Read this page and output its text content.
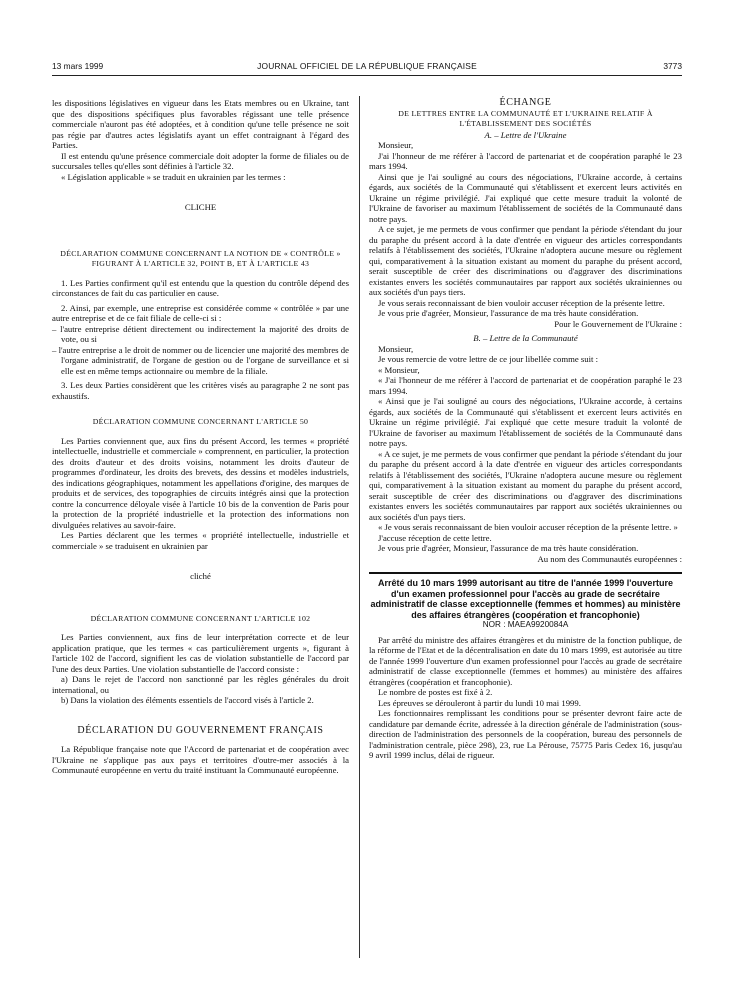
13 mars 1999	JOURNAL OFFICIEL DE LA RÉPUBLIQUE FRANÇAISE	3773

les dispositions législatives en vigueur dans les Etats membres ou en Ukraine, tant que des dispositions spécifiques plus favorables régissant une telle présence commerciale n'auront pas été adoptées, et à condition qu'une telle présence ne soit pas régie par d'autres actes législatifs ayant un effet contraignant à l'égard des Parties.

Il est entendu qu'une présence commerciale doit adopter la forme de filiales ou de succursales telles qu'elles sont définies à l'article 32.

« Législation applicable » se traduit en ukrainien par les termes :

CLICHE

DÉCLARATION COMMUNE CONCERNANT LA NOTION DE « CONTRÔLE » FIGURANT À L'ARTICLE 32, POINT B, ET À L'ARTICLE 43

1. Les Parties confirment qu'il est entendu que la question du contrôle dépend des circonstances de fait du cas particulier en cause.

2. Ainsi, par exemple, une entreprise est considérée comme « contrôlée » par une autre entreprise et de ce fait filiale de celle-ci si :

– l'autre entreprise détient directement ou indirectement la majorité des droits de vote, ou si

– l'autre entreprise a le droit de nommer ou de licencier une majorité des membres de l'organe administratif, de l'organe de gestion ou de l'organe de surveillance et si elle est en même temps actionnaire ou membre de la filiale.

3. Les deux Parties considèrent que les critères visés au paragraphe 2 ne sont pas exhaustifs.

DÉCLARATION COMMUNE CONCERNANT L'ARTICLE 50

Les Parties conviennent que, aux fins du présent Accord, les termes « propriété intellectuelle, industrielle et commerciale » comprennent, en particulier, la protection des droits d'auteur et des droits voisins, notamment les droits d'auteur de programmes d'ordinateur, les droits des brevets, des dessins et modèles industriels, des indications géographiques, notamment les appellations d'origine, des marques de produits et de services, des topographies de circuits intégrés ainsi que la protection contre la concurrence déloyale visée à l'article 10 bis de la convention de Paris pour la protection de la propriété industrielle et la protection des informations non divulguées relatives au savoir-faire.

Les Parties déclarent que les termes « propriété intellectuelle, industrielle et commerciale » se traduisent en ukrainien par

cliché

DÉCLARATION COMMUNE CONCERNANT L'ARTICLE 102

Les Parties conviennent, aux fins de leur interprétation correcte et de leur application pratique, que les termes « cas particulièrement urgents », figurant à l'article 102 de l'accord, signifient les cas de violation substantielle de l'accord par l'une des deux Parties. Une violation substantielle de l'accord consiste :

a) Dans le rejet de l'accord non sanctionné par les règles générales du droit international, ou

b) Dans la violation des éléments essentiels de l'accord visés à l'article 2.

DÉCLARATION DU GOUVERNEMENT FRANÇAIS

La République française note que l'Accord de partenariat et de coopération avec l'Ukraine ne s'applique pas aux pays et territoires d'outre-mer associés à la Communauté européenne en vertu du traité instituant la Communauté européenne.

ÉCHANGE

DE LETTRES ENTRE LA COMMUNAUTÉ ET L'UKRAINE RELATIF À L'ÉTABLISSEMENT DES SOCIÉTÉS

A. – Lettre de l'Ukraine

Monsieur,

J'ai l'honneur de me référer à l'accord de partenariat et de coopération paraphé le 23 mars 1994.

Ainsi que je l'ai souligné au cours des négociations, l'Ukraine accorde, à certains égards, aux sociétés de la Communauté qui s'établissent et exercent leurs activités en Ukraine un régime privilégié. J'ai expliqué que cette mesure traduit la volonté de l'Ukraine de favoriser au maximum l'établissement de sociétés de la Communauté dans notre pays.

A ce sujet, je me permets de vous confirmer que pendant la période s'étendant du jour du paraphe du présent accord à la date d'entrée en vigueur des articles correspondants relatifs à l'établissement des sociétés, l'Ukraine n'adoptera aucune mesure ou règlement qui, comparativement à la situation existant au moment du paraphe du présent accord, serait susceptible de créer des discriminations ou d'aggraver des discriminations existantes envers les sociétés communautaires par rapport aux sociétés ukrainiennes ou aux sociétés d'un pays tiers.

Je vous serais reconnaissant de bien vouloir accuser réception de la présente lettre.

Je vous prie d'agréer, Monsieur, l'assurance de ma très haute considération.

Pour le Gouvernement de l'Ukraine :

B. – Lettre de la Communauté

Monsieur,

Je vous remercie de votre lettre de ce jour libellée comme suit :

« Monsieur,

« J'ai l'honneur de me référer à l'accord de partenariat et de coopération paraphé le 23 mars 1994.

« Ainsi que je l'ai souligné au cours des négociations, l'Ukraine accorde, à certains égards, aux sociétés de la Communauté qui s'établissent et exercent leurs activités en Ukraine un régime privilégié. J'ai expliqué que cette mesure traduit la volonté de l'Ukraine de favoriser au maximum l'établissement de sociétés de la Communauté dans notre pays.

« A ce sujet, je me permets de vous confirmer que pendant la période s'étendant du jour du paraphe du présent accord à la date d'entrée en vigueur des articles correspondants relatifs à l'établissement des sociétés, l'Ukraine n'adoptera aucune mesure ou règlement qui, comparativement à la situation existant au moment du paraphe du présent accord, serait susceptible de créer des discriminations ou d'aggraver des discriminations existantes envers les sociétés communautaires par rapport aux sociétés ukrainiennes ou aux sociétés d'un pays tiers.

« Je vous serais reconnaissant de bien vouloir accuser réception de la présente lettre. »

J'accuse réception de cette lettre.

Je vous prie d'agréer, Monsieur, l'assurance de ma très haute considération.

Au nom des Communautés européennes :

Arrêté du 10 mars 1999 autorisant au titre de l'année 1999 l'ouverture d'un examen professionnel pour l'accès au grade de secrétaire administratif de classe exceptionnelle (femmes et hommes) au ministère des affaires étrangères (coopération et francophonie)

NOR : MAEA9920084A

Par arrêté du ministre des affaires étrangères et du ministre de la fonction publique, de la réforme de l'Etat et de la décentralisation en date du 10 mars 1999, est autorisée au titre de l'année 1999 l'ouverture d'un examen professionnel pour l'accès au grade de secrétaire administratif de classe exceptionnelle (femmes et hommes) au ministère des affaires étrangères (coopération et francophonie).

Le nombre de postes est fixé à 2.

Les épreuves se dérouleront à partir du lundi 10 mai 1999.

Les fonctionnaires remplissant les conditions pour se présenter devront faire acte de candidature par demande écrite, adressée à la direction générale de l'administration (sous-direction de l'administration des personnels de la coopération, bureau des personnels de l'administration centrale, pièce 298), 23, rue La Pérouse, 75775 Paris Cedex 16, jusqu'au 9 avril 1999 inclus, délai de rigueur.
